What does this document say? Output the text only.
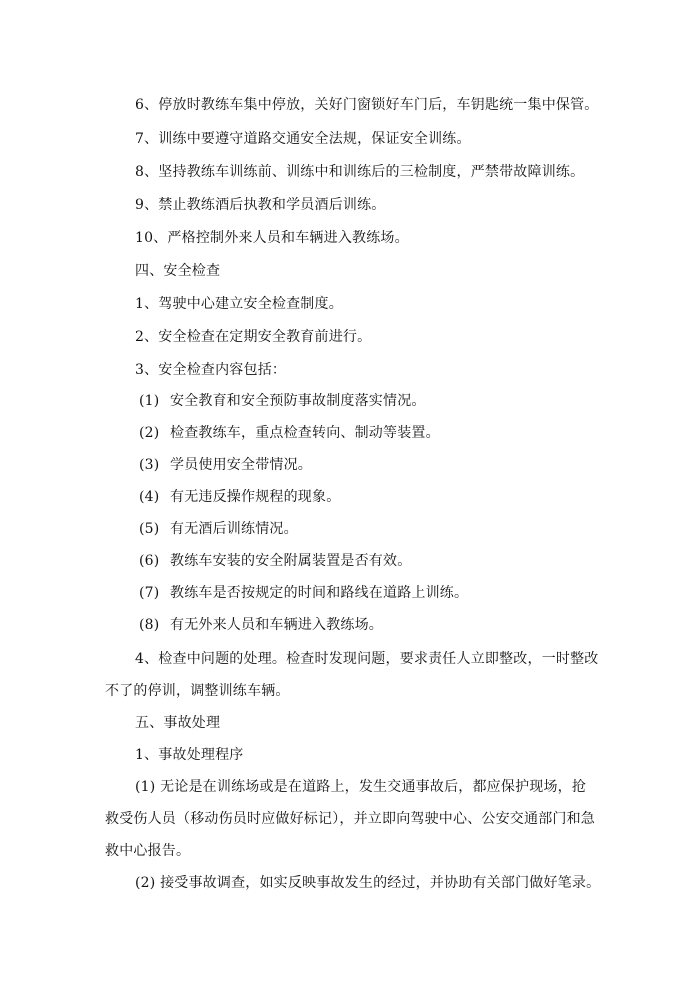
6、停放时教练车集中停放，关好门窗锁好车门后，车钥匙统一集中保管。
7、训练中要遵守道路交通安全法规，保证安全训练。
8、坚持教练车训练前、训练中和训练后的三检制度，严禁带故障训练。
9、禁止教练酒后执教和学员酒后训练。
10、严格控制外来人员和车辆进入教练场。
四、安全检查
1、驾驶中心建立安全检查制度。
2、安全检查在定期安全教育前进行。
3、安全检查内容包括：
(1) 安全教育和安全预防事故制度落实情况。
(2) 检查教练车，重点检查转向、制动等装置。
(3) 学员使用安全带情况。
(4) 有无违反操作规程的现象。
(5) 有无酒后训练情况。
(6) 教练车安装的安全附属装置是否有效。
(7) 教练车是否按规定的时间和路线在道路上训练。
(8) 有无外来人员和车辆进入教练场。
4、检查中问题的处理。检查时发现问题，要求责任人立即整改，一时整改
不了的停训，调整训练车辆。
五、事故处理
1、事故处理程序
(1) 无论是在训练场或是在道路上，发生交通事故后，都应保护现场，抢
救受伤人员（移动伤员时应做好标记），并立即向驾驶中心、公安交通部门和急
救中心报告。
(2) 接受事故调查，如实反映事故发生的经过，并协助有关部门做好笔录。
